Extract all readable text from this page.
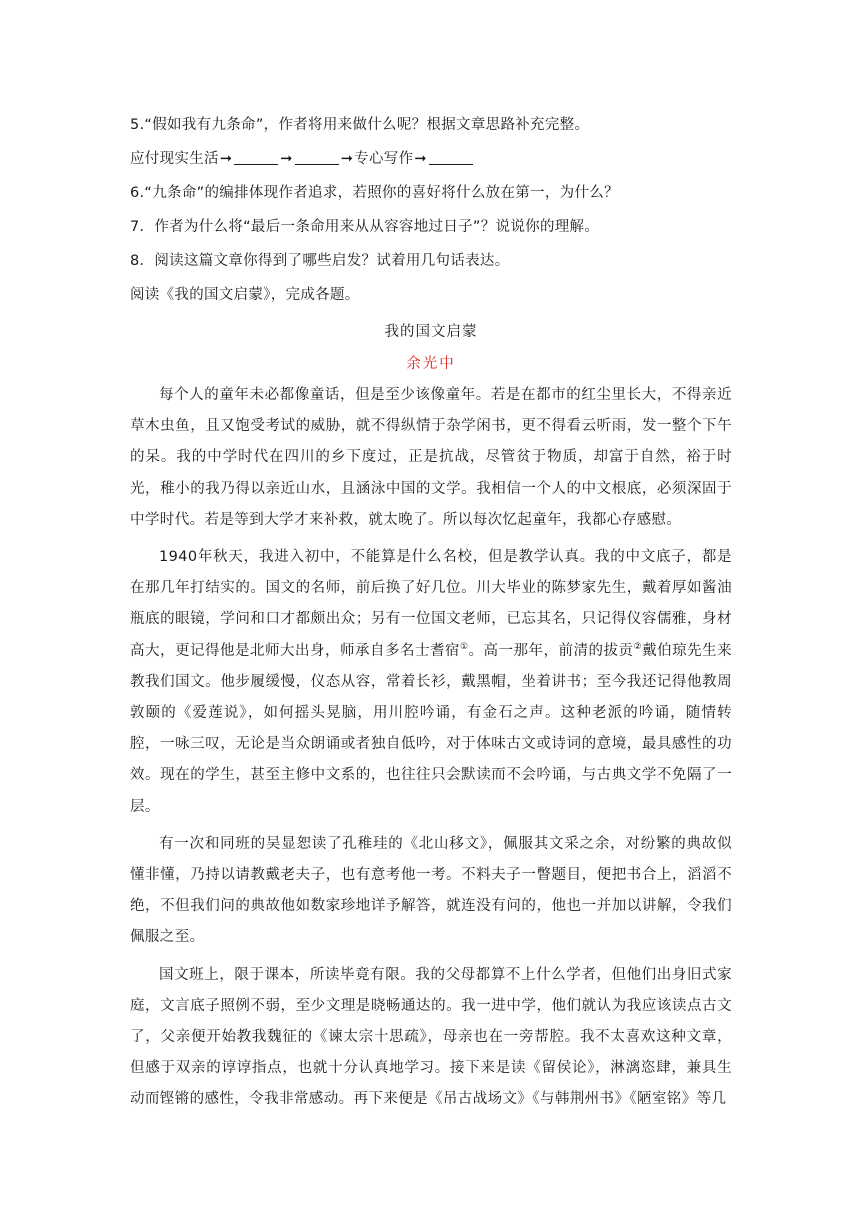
5.“假如我有九条命”，作者将用来做什么呢？根据文章思路补充完整。
应付现实生活➞	➞	➞专心写作➞
6.“九条命”的编排体现作者追求，若照你的喜好将什么放在第一，为什么？
7．作者为什么将“最后一条命用来从从容容地过日子”？说说你的理解。
8．阅读这篇文章你得到了哪些启发？试着用几句话表达。
阅读《我的国文启蒙》，完成各题。
我的国文启蒙
余光中

每个人的童年未必都像童话，但是至少该像童年。若是在都市的红尘里长大，不得亲近草木虫鱼，且又饱受考试的威胁，就不得纵情于杂学闲书，更不得看云听雨，发一整个下午的呆。我的中学时代在四川的乡下度过，正是抗战，尽管贫于物质，却富于自然，裕于时光，稚小的我乃得以亲近山水，且涵泳中国的文学。我相信一个人的中文根底，必须深固于中学时代。若是等到大学才来补救，就太晚了。所以每次忆起童年，我都心存感慰。

1940年秋天，我进入初中，不能算是什么名校，但是教学认真。我的中文底子，都是在那几年打结实的。国文的名师，前后换了好几位。川大毕业的陈梦家先生，戴着厚如酱油瓶底的眼镜，学问和口才都颇出众；另有一位国文老师，已忘其名，只记得仪容儒雅，身材高大，更记得他是北师大出身，师承自多名士耆宿①。高一那年，前清的拔贡②戴伯琼先生来教我们国文。他步履缓慢，仪态从容，常着长衫，戴黑帽，坐着讲书；至今我还记得他教周敦颐的《爱莲说》，如何摇头晃脑，用川腔吟诵，有金石之声。这种老派的吟诵，随情转腔，一咏三叹，无论是当众朗诵或者独自低吟，对于体味古文或诗词的意境，最具感性的功效。现在的学生，甚至主修中文系的，也往往只会默读而不会吟诵，与古典文学不免隔了一层。

有一次和同班的吴显恕读了孔稚珪的《北山移文》，佩服其文采之余，对纷繁的典故似懂非懂，乃持以请教戴老夫子，也有意考他一考。不料夫子一瞥题目，便把书合上，滔滔不绝，不但我们问的典故他如数家珍地详予解答，就连没有问的，他也一并加以讲解，令我们佩服之至。

国文班上，限于课本，所读毕竟有限。我的父母都算不上什么学者，但他们出身旧式家庭，文言底子照例不弱，至少文理是晓畅通达的。我一进中学，他们就认为我应该读点古文了，父亲便开始教我魏征的《谏太宗十思疏》，母亲也在一旁帮腔。我不太喜欢这种文章，但感于双亲的谆谆指点，也就十分认真地学习。接下来是读《留侯论》，淋漓恣肆，兼具生动而铿锵的感性，令我非常感动。再下来便是《吊古战场文》《与韩荆州书》《陋室铭》等几
